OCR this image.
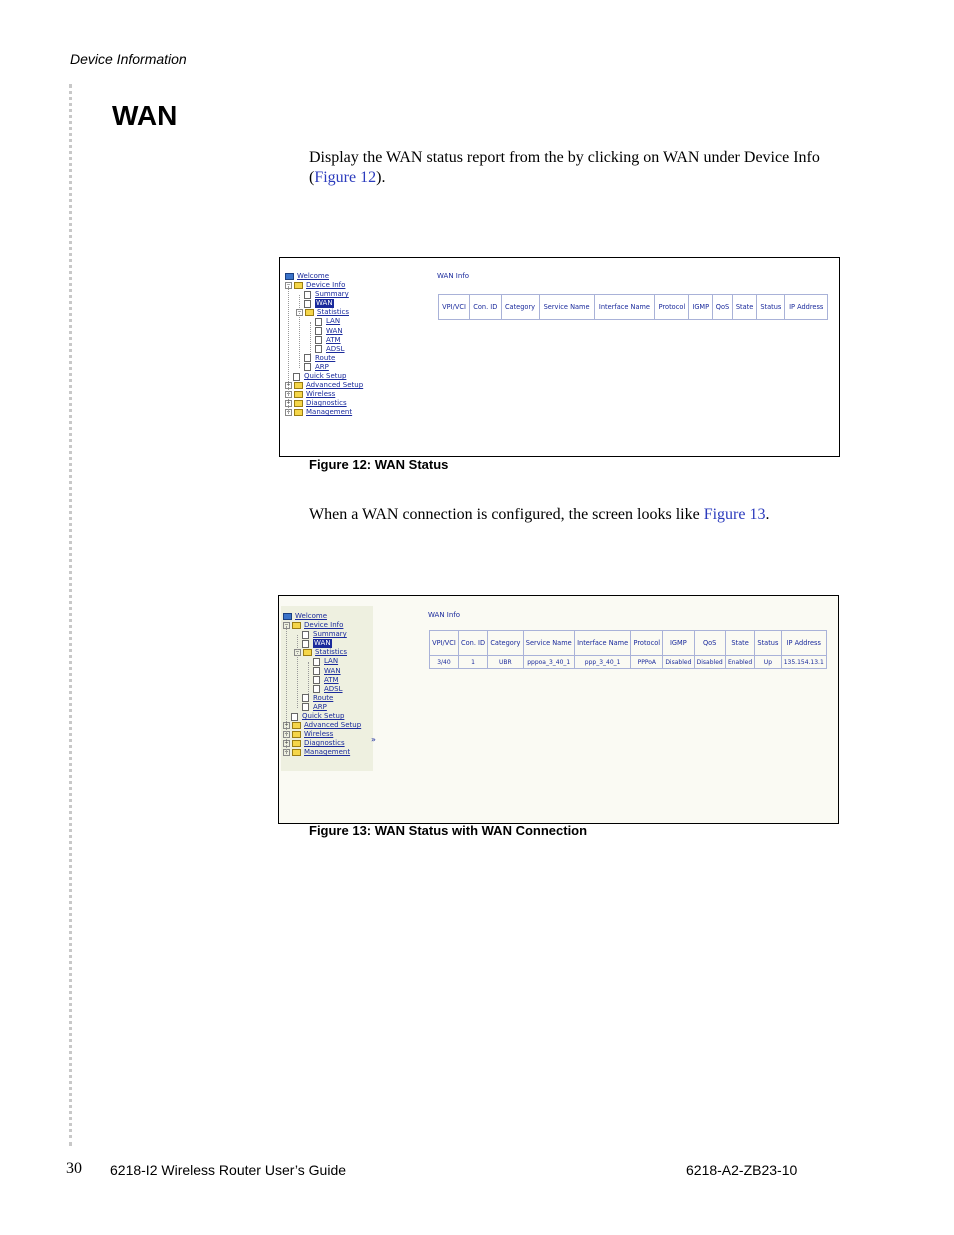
Device Information
WAN

Display the WAN status report from the by clicking on WAN under Device Info (Figure 12).

Welcome
− Device Info
Summary
WAN
− Statistics
LAN
WAN
ATM
ADSL
Route
ARP
Quick Setup
+ Advanced Setup
+ Wireless
+ Diagnostics
+ Management
WAN Info
VPI/VCI	Con. ID	Category	Service Name	Interface Name	Protocol	IGMP	QoS	State	Status	IP Address
Figure 12: WAN Status

When a WAN connection is configured, the screen looks like Figure 13.

Welcome
− Device Info
Summary
WAN
− Statistics
LAN
WAN
ATM
ADSL
Route
ARP
Quick Setup
+ Advanced Setup
+ Wireless
+ Diagnostics
+ Management
»
WAN Info
VPI/VCI	Con. ID	Category	Service Name	Interface Name	Protocol	IGMP	QoS	State	Status	IP Address
3/40	1	UBR	pppoa_3_40_1	ppp_3_40_1	PPPoA	Disabled	Disabled	Enabled	Up	135.154.13.1
Figure 13: WAN Status with WAN Connection
30 6218-I2 Wireless Router User’s Guide	6218-A2-ZB23-10
